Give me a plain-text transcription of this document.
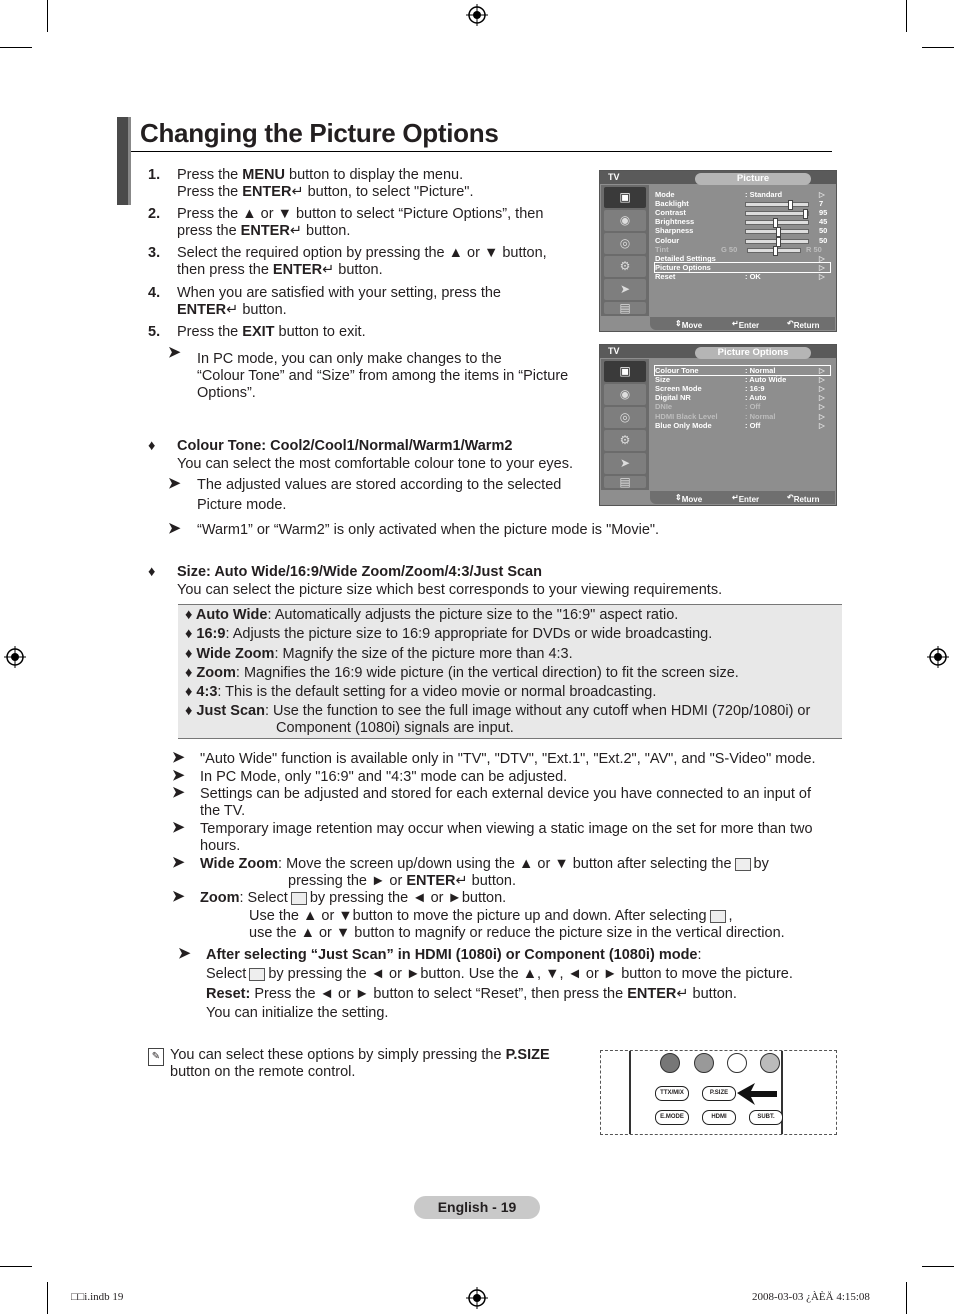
Changing the Picture Options
1. Press the MENU button to display the menu.
Press the ENTER↵ button, to select "Picture".
2. Press the ▲ or ▼ button to select “Picture Options”, then
press the ENTER↵ button.
3. Select the required option by pressing the ▲ or ▼ button,
then press the ENTER↵ button.
4. When you are satisfied with your setting, press the
ENTER↵ button.
5. Press the EXIT button to exit.
➤ In PC mode, you can only make changes to the
“Colour Tone” and “Size” from among the items in “Picture
Options”.
♦ Colour Tone: Cool2/Cool1/Normal/Warm1/Warm2
You can select the most comfortable colour tone to your eyes.
➤ The adjusted values are stored according to the selected
Picture mode.
➤ “Warm1” or “Warm2” is only activated when the picture mode is "Movie".
♦ Size: Auto Wide/16:9/Wide Zoom/Zoom/4:3/Just Scan
You can select the picture size which best corresponds to your viewing requirements.
♦ Auto Wide: Automatically adjusts the picture size to the "16:9" aspect ratio.
♦ 16:9: Adjusts the picture size to 16:9 appropriate for DVDs or wide broadcasting.
♦ Wide Zoom: Magnify the size of the picture more than 4:3.
♦ Zoom: Magnifies the 16:9 wide picture (in the vertical direction) to fit the screen size.
♦ 4:3: This is the default setting for a video movie or normal broadcasting.
♦ Just Scan: Use the function to see the full image without any cutoff when HDMI (720p/1080i) or
Component (1080i) signals are input.
➤ "Auto Wide" function is available only in "TV", "DTV", "Ext.1", "Ext.2", "AV", and "S-Video" mode.
➤ In PC Mode, only "16:9" and "4:3" mode can be adjusted.
➤ Settings can be adjusted and stored for each external device you have connected to an input of
the TV.
➤ Temporary image retention may occur when viewing a static image on the set for more than two
hours.
➤ Wide Zoom: Move the screen up/down using the ▲ or ▼ button after selecting the by
pressing the ► or ENTER↵ button.
➤ Zoom: Select by pressing the ◄ or ►button.
Use the ▲ or ▼button to move the picture up and down. After selecting ,
use the ▲ or ▼ button to magnify or reduce the picture size in the vertical direction.
➤ After selecting “Just Scan” in HDMI (1080i) or Component (1080i) mode:
Select by pressing the ◄ or ►button. Use the ▲, ▼, ◄ or ► button to move the picture.
Reset: Press the ◄ or ► button to select “Reset”, then press the ENTER↵ button.
You can initialize the setting.
✎ You can select these options by simply pressing the P.SIZE
button on the remote control.
TTX/MIX	P.SIZE
E.MODE	HDMI	SUBT.
TV	Picture
▣
◉
◎
⚙
➤
▤
Mode	: Standard	▷
Backlight	7
Contrast	95
Brightness	45
Sharpness	50
Colour	50
Tint	G 50	R 50
Detailed Settings	▷
Picture Options	▷
Reset	: OK	▷
⇕ Move	↵ Enter	↶ Return
TV	Picture Options
▣
◉
◎
⚙
➤
▤
Colour Tone	: Normal	▷
Size	: Auto Wide	▷
Screen Mode	: 16:9	▷
Digital NR	: Auto	▷
DNIe	: Off	▷
HDMI Black Level	: Normal	▷
Blue Only Mode	: Off	▷
⇕ Move	↵ Enter	↶ Return
English - 19
□□i.indb 19	2008-03-03 ¿ÀÈÄ 4:15:08
